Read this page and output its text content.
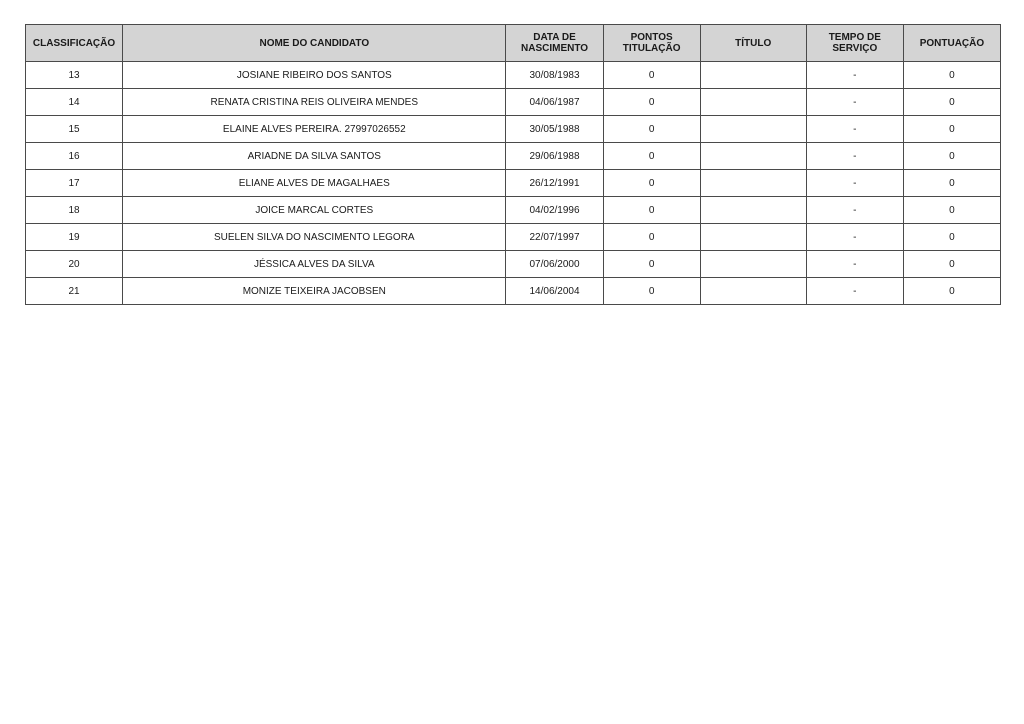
CLASSIFICAÇÃO	NOME DO CANDIDATO	DATA DE NASCIMENTO	PONTOS TITULAÇÃO	TÍTULO	TEMPO DE SERVIÇO	PONTUAÇÃO
13	JOSIANE RIBEIRO DOS SANTOS	30/08/1983	0		-	0
14	RENATA CRISTINA REIS OLIVEIRA MENDES	04/06/1987	0		-	0
15	ELAINE ALVES PEREIRA. 27997026552	30/05/1988	0		-	0
16	ARIADNE DA SILVA SANTOS	29/06/1988	0		-	0
17	ELIANE ALVES DE MAGALHAES	26/12/1991	0		-	0
18	JOICE MARCAL CORTES	04/02/1996	0		-	0
19	SUELEN SILVA DO NASCIMENTO LEGORA	22/07/1997	0		-	0
20	JÉSSICA ALVES DA SILVA	07/06/2000	0		-	0
21	MONIZE TEIXEIRA JACOBSEN	14/06/2004	0		-	0
